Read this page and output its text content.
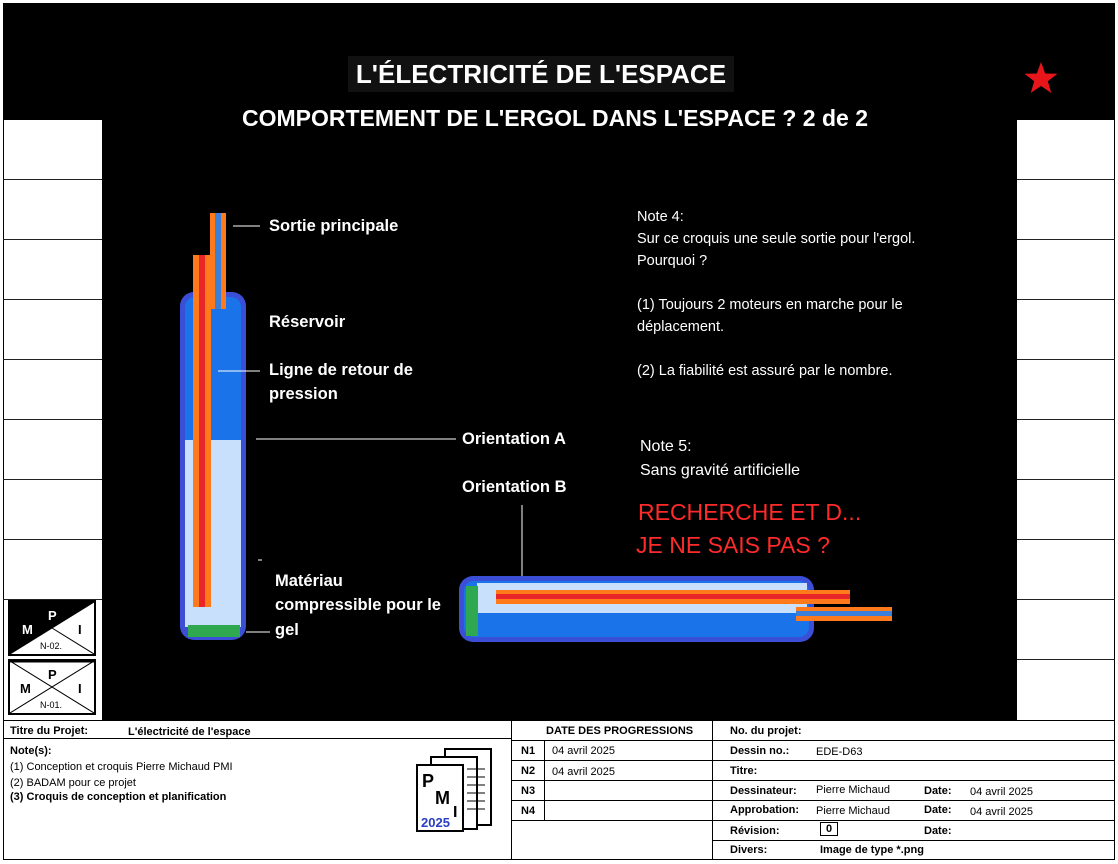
L'ÉLECTRICITÉ DE L'ESPACE
COMPORTEMENT DE L'ERGOL DANS L'ESPACE ? 2 de 2
Sortie principale
Réservoir
Ligne de retour de
pression
Orientation A
Orientation B
Matériau
compressible pour le
gel
Note 4:
Sur ce croquis une seule sortie pour l'ergol.
Pourquoi ?
(1) Toujours 2 moteurs en marche pour le
déplacement.
(2) La fiabilité est assuré par le nombre.
Note 5:
Sans gravité artificielle
RECHERCHE ET D...
JE NE SAIS PAS ?
M
P
I
N-02.
M
P
I
N-01.
Titre du Projet:	L'électricité de l'espace
Note(s):
(1) Conception et croquis Pierre Michaud PMI
(2) BADAM pour ce projet
(3) Croquis de conception et planification
P
M
I
2025
DATE DES PROGRESSIONS
N1 04 avril 2025
N2 04 avril 2025
N3
N4
No. du projet:
Dessin no.: EDE-D63
Titre:
Dessinateur: Pierre Michaud	Date: 04 avril 2025
Approbation: Pierre Michaud	Date: 04 avril 2025
Révision:	0	Date:
Divers:	Image de type *.png
